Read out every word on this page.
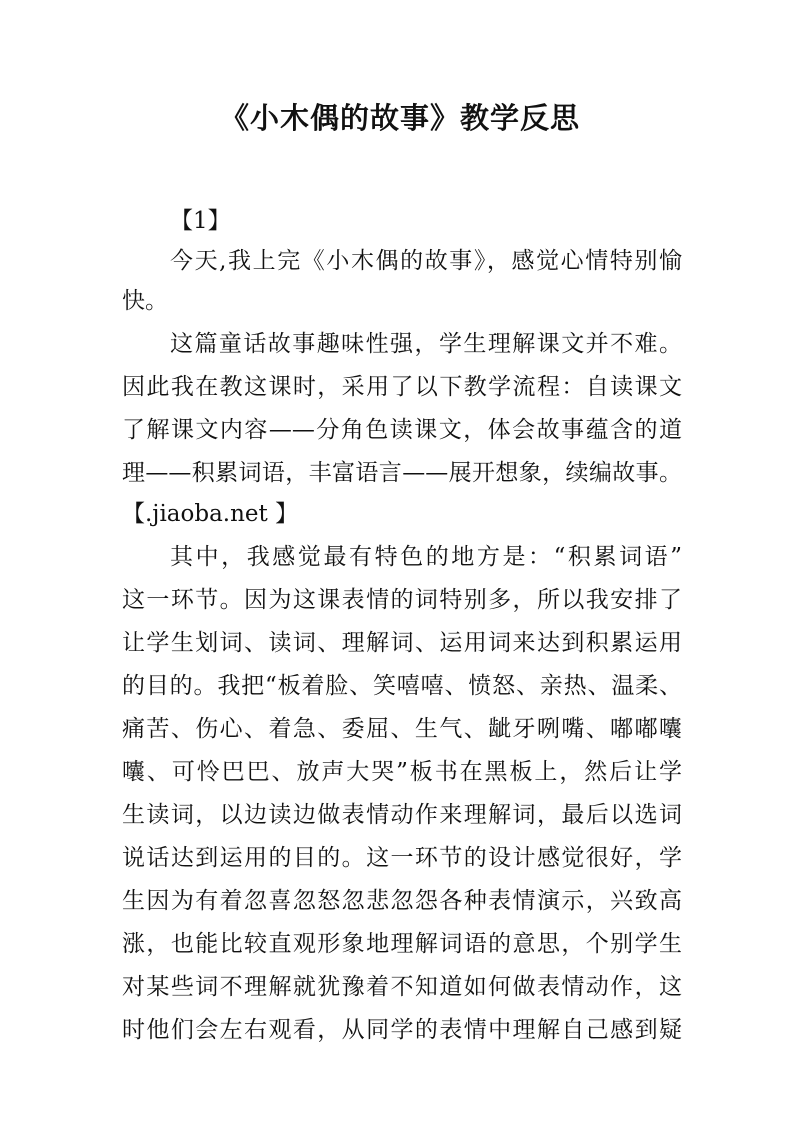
《小木偶的故事》教学反思
【1】
今天,我上完《小木偶的故事》，感觉心情特别愉
快。
这篇童话故事趣味性强，学生理解课文并不难。
因此我在教这课时，采用了以下教学流程：自读课文
了解课文内容——分角色读课文，体会故事蕴含的道
理——积累词语，丰富语言——展开想象，续编故事。
【.jiaoba.net 】
其中，我感觉最有特色的地方是：“积累词语”
这一环节。因为这课表情的词特别多，所以我安排了
让学生划词、读词、理解词、运用词来达到积累运用
的目的。我把“板着脸、笑嘻嘻、愤怒、亲热、温柔、
痛苦、伤心、着急、委屈、生气、龇牙咧嘴、嘟嘟囔
囔、可怜巴巴、放声大哭”板书在黑板上，然后让学
生读词，以边读边做表情动作来理解词，最后以选词
说话达到运用的目的。这一环节的设计感觉很好，学
生因为有着忽喜忽怒忽悲忽怨各种表情演示，兴致高
涨，也能比较直观形象地理解词语的意思，个别学生
对某些词不理解就犹豫着不知道如何做表情动作，这
时他们会左右观看，从同学的表情中理解自己感到疑
